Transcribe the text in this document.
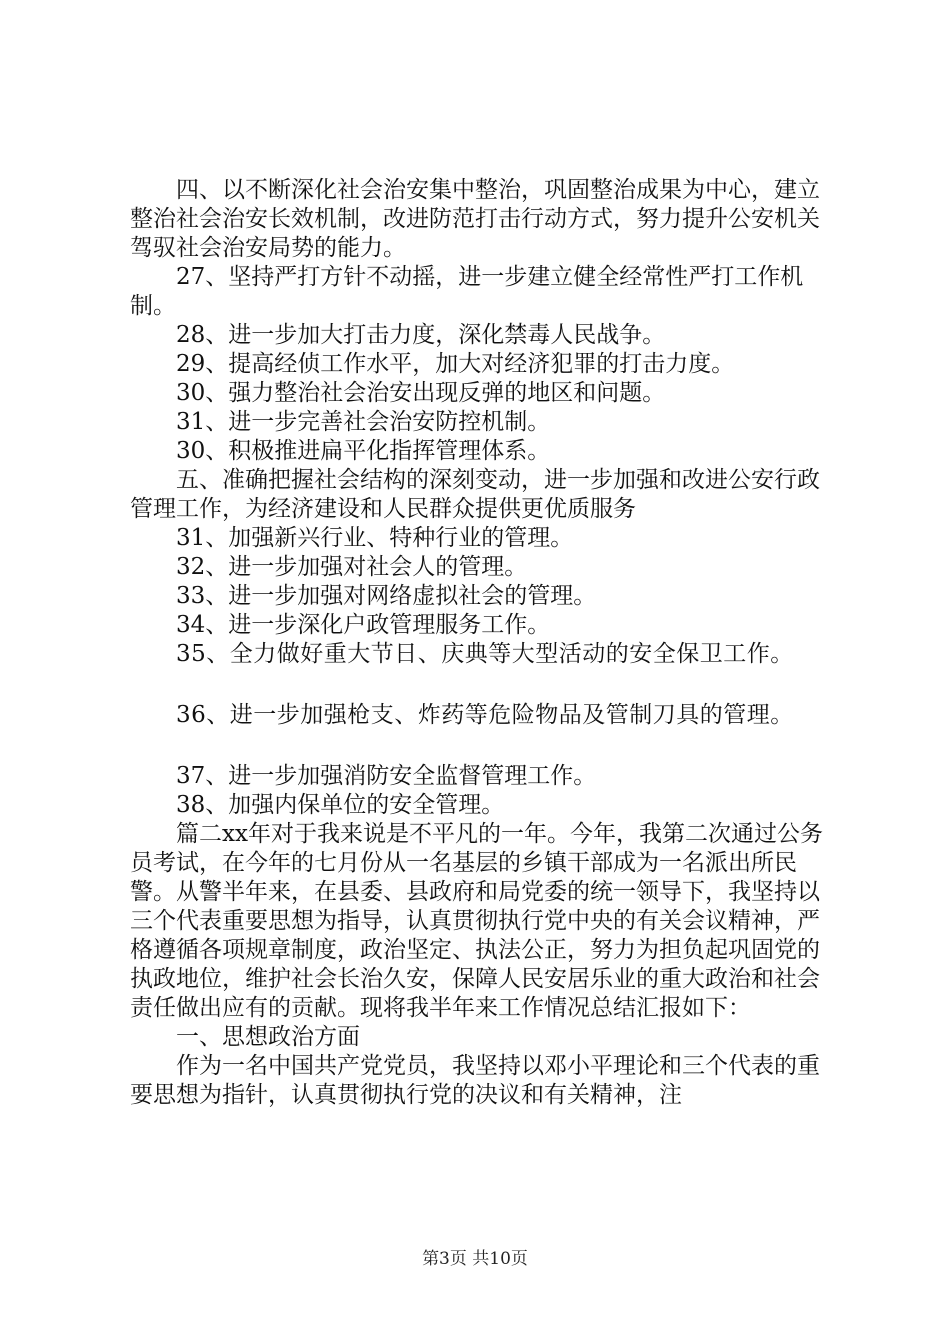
四、以不断深化社会治安集中整治，巩固整治成果为中心，建立整治社会治安长效机制，改进防范打击行动方式，努力提升公安机关驾驭社会治安局势的能力。

27、坚持严打方针不动摇，进一步建立健全经常性严打工作机制。

28、进一步加大打击力度，深化禁毒人民战争。

29、提高经侦工作水平，加大对经济犯罪的打击力度。

30、强力整治社会治安出现反弹的地区和问题。

31、进一步完善社会治安防控机制。

30、积极推进扁平化指挥管理体系。

五、准确把握社会结构的深刻变动，进一步加强和改进公安行政管理工作，为经济建设和人民群众提供更优质服务

31、加强新兴行业、特种行业的管理。

32、进一步加强对社会人的管理。

33、进一步加强对网络虚拟社会的管理。

34、进一步深化户政管理服务工作。

35、全力做好重大节日、庆典等大型活动的安全保卫工作。

36、进一步加强枪支、炸药等危险物品及管制刀具的管理。

37、进一步加强消防安全监督管理工作。

38、加强内保单位的安全管理。

篇二xx年对于我来说是不平凡的一年。今年，我第二次通过公务员考试，在今年的七月份从一名基层的乡镇干部成为一名派出所民警。从警半年来，在县委、县政府和局党委的统一领导下，我坚持以三个代表重要思想为指导，认真贯彻执行党中央的有关会议精神，严格遵循各项规章制度，政治坚定、执法公正，努力为担负起巩固党的执政地位，维护社会长治久安，保障人民安居乐业的重大政治和社会责任做出应有的贡献。现将我半年来工作情况总结汇报如下：

一、思想政治方面

作为一名中国共产党党员，我坚持以邓小平理论和三个代表的重要思想为指针，认真贯彻执行党的决议和有关精神，注

第3页 共10页
